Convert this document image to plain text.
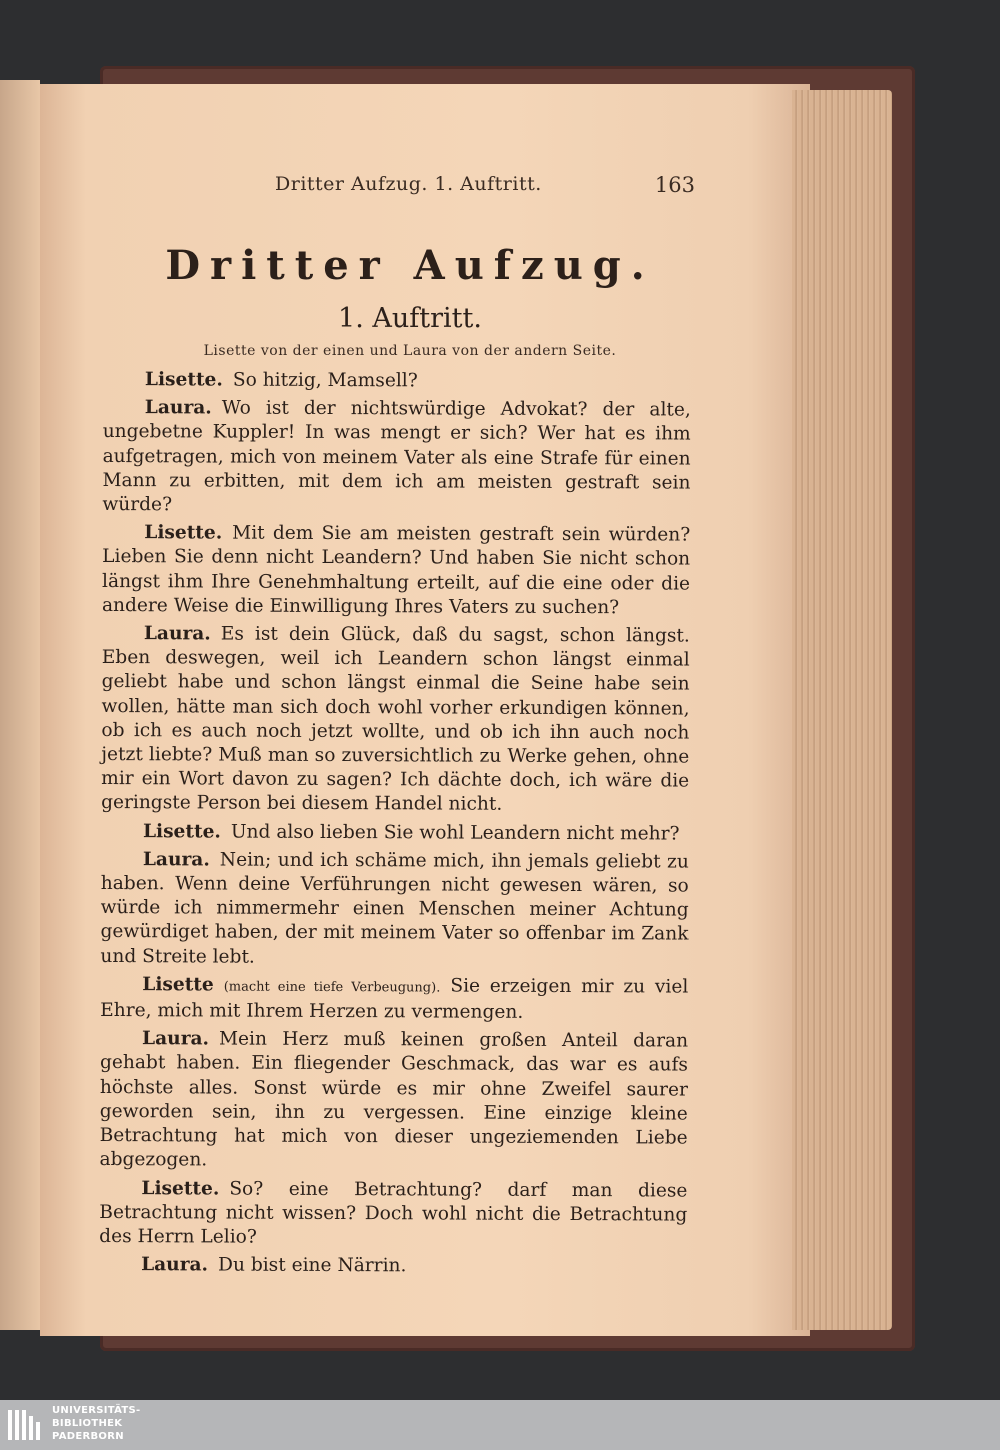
Dritter Aufzug. 1. Auftritt.	163
Dritter Aufzug.
1. Auftritt.
Lisette von der einen und Laura von der andern Seite.

Lisette. So hitzig, Mamsell?

Laura. Wo ist der nichtswürdige Advokat? der alte, ungebetne Kuppler! In was mengt er sich? Wer hat es ihm aufgetragen, mich von meinem Vater als eine Strafe für einen Mann zu erbitten, mit dem ich am meisten gestraft sein würde?

Lisette. Mit dem Sie am meisten gestraft sein würden? Lieben Sie denn nicht Leandern? Und haben Sie nicht schon längst ihm Ihre Genehmhaltung erteilt, auf die eine oder die andere Weise die Einwilligung Ihres Vaters zu suchen?

Laura. Es ist dein Glück, daß du sagst, schon längst. Eben deswegen, weil ich Leandern schon längst einmal geliebt habe und schon längst einmal die Seine habe sein wollen, hätte man sich doch wohl vorher erkundigen können, ob ich es auch noch jetzt wollte, und ob ich ihn auch noch jetzt liebte? Muß man so zuversichtlich zu Werke gehen, ohne mir ein Wort davon zu sagen? Ich dächte doch, ich wäre die geringste Person bei diesem Handel nicht.

Lisette. Und also lieben Sie wohl Leandern nicht mehr?

Laura. Nein; und ich schäme mich, ihn jemals geliebt zu haben. Wenn deine Verführungen nicht gewesen wären, so würde ich nimmermehr einen Menschen meiner Achtung gewürdiget haben, der mit meinem Vater so offenbar im Zank und Streite lebt.

Lisette (macht eine tiefe Verbeugung). Sie erzeigen mir zu viel Ehre, mich mit Ihrem Herzen zu vermengen.

Laura. Mein Herz muß keinen großen Anteil daran gehabt haben. Ein fliegender Geschmack, das war es aufs höchste alles. Sonst würde es mir ohne Zweifel saurer geworden sein, ihn zu vergessen. Eine einzige kleine Betrachtung hat mich von dieser ungeziemenden Liebe abgezogen.

Lisette. So? eine Betrachtung? darf man diese Betrachtung nicht wissen? Doch wohl nicht die Betrachtung des Herrn Lelio?

Laura. Du bist eine Närrin.

UNIVERSITÄTS-
BIBLIOTHEK
PADERBORN
